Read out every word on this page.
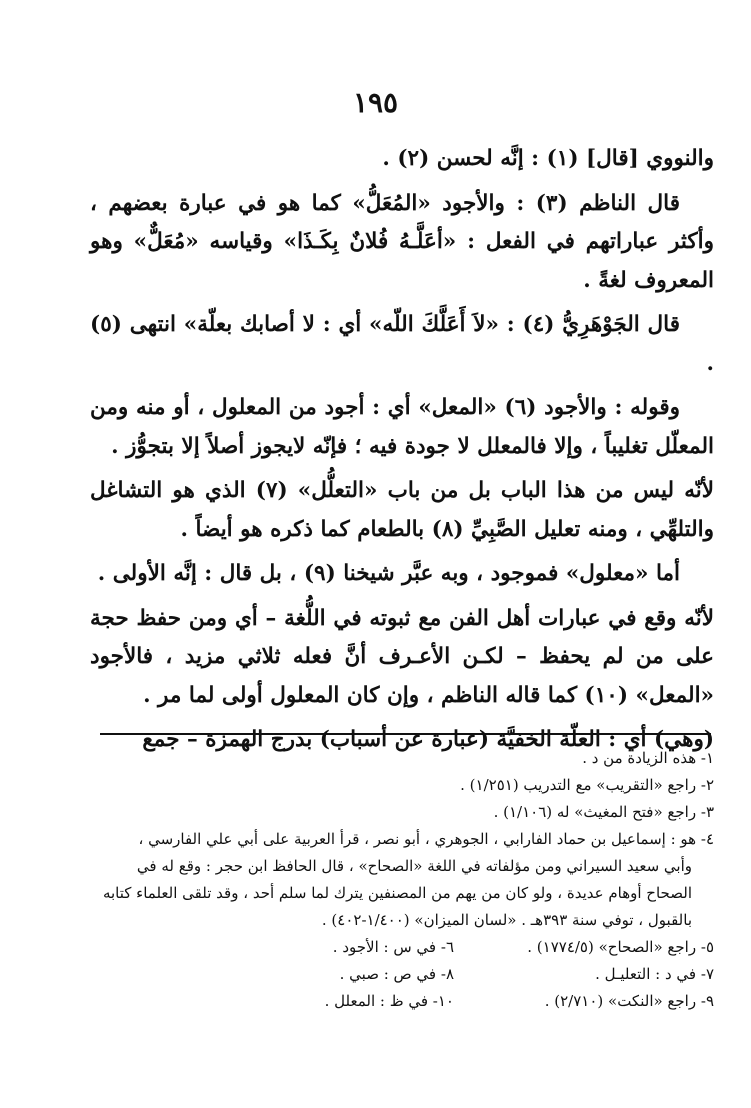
١٩٥

والنووي [قال] (١) : إنَّه لحسن (٢) .

قال الناظم (٣) : والأجود «المُعَلُّ» كما هو في عبارة بعضهم ، وأكثر عباراتهم في الفعل : «أعَلَّـهُ فُلانٌ بِكَـذَا» وقياسه «مُعَلٌّ» وهو المعروف لغةً .

قال الجَوْهَرِيُّ (٤) : «لاَ أَعَلَّكَ اللّه» أي : لا أصابك بعلّة» انتهى (٥) .

وقوله : والأجود (٦) «المعل» أي : أجود من المعلول ، أو منه ومن المعلّل تغليباً ، وإلا فالمعلل لا جودة فيه ؛ فإنّه لايجوز أصلاً إلا بتجوُّز .

لأنّه ليس من هذا الباب بل من باب «التعلُّل» (٧) الذي هو التشاغل والتلهِّي ، ومنه تعليل الصَّبِيِّ (٨) بالطعام كما ذكره هو أيضاً .

أما «معلول» فموجود ، وبه عبَّر شيخنا (٩) ، بل قال : إنَّه الأولى .

لأنّه وقع في عبارات أهل الفن مع ثبوته في اللُّغة – أي ومن حفظ حجة على من لم يحفظ – لكـن الأعـرف أنَّ فعله ثلاثي مزيد ، فالأجود «المعل» (١٠) كما قاله الناظم ، وإن كان المعلول أولى لما مر .

(وهي) أي : العلّة الخفيَّة (عبارة عن أسباب) بدرج الهمزة – جمع

١- هذه الزيادة من د .

٢- راجع «التقريب» مع التدريب (١/٢٥١) .

٣- راجع «فتح المغيث» له (١/١٠٦) .

٤- هو : إسماعيل بن حماد الفارابي ، الجوهري ، أبو نصر ، قرأ العربية على أبي علي الفارسي ،

وأبي سعيد السيراني ومن مؤلفاته في اللغة «الصحاح» ، قال الحافظ ابن حجر : وقع له في

الصحاح أوهام عديدة ، ولو كان من يهم من المصنفين يترك لما سلم أحد ، وقد تلقى العلماء كتابه

بالقبول ، توفي سنة ٣٩٣هـ . «لسان الميزان» (١/٤٠٠-٤٠٢) .

٥- راجع «الصحاح» (١٧٧٤/٥) .
٦- في س : الأجود .
٧- في د : التعليـل .
٨- في ص : صبي .
٩- راجع «النكت» (٢/٧١٠) .
١٠- في ظ : المعلل .
